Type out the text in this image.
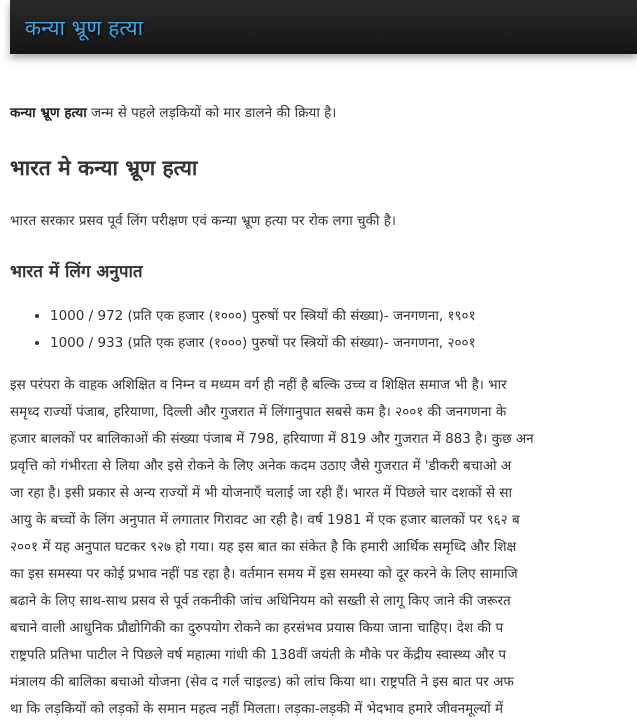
कन्या भ्रूण हत्या

कन्या भ्रूण हत्या जन्म से पहले लड़कियों को मार डालने की क्रिया है।

भारत मे कन्या भ्रूण हत्या

भारत सरकार प्रसव पूर्व लिंग परीक्षण एवं कन्या भ्रूण हत्या पर रोक लगा चुकी है।

भारत में लिंग अनुपात
• 1000 / 972 (प्रति एक हजार (१०००) पुरुषों पर स्त्रियों की संख्या)- जनगणना, १९०१
• 1000 / 933 (प्रति एक हजार (१०००) पुरुषों पर स्त्रियों की संख्या)- जनगणना, २००१
इस परंपरा के वाहक अशिक्षित व निम्न व मध्यम वर्ग ही नहीं है बल्कि उच्च व शिक्षित समाज भी है। भार
समृध्द राज्यों पंजाब, हरियाणा, दिल्ली और गुजरात में लिंगानुपात सबसे कम है। २००१ की जनगणना के
हजार बालकों पर बालिकाओं की संख्या पंजाब में 798, हरियाणा में 819 और गुजरात में 883 है। कुछ अन
प्रवृत्ति को गंभीरता से लिया और इसे रोकने के लिए अनेक कदम उठाए जैसे गुजरात में 'डीकरी बचाओ अ
जा रहा है। इसी प्रकार से अन्य राज्यों में भी योजनाएँ चलाई जा रही हैं। भारत में पिछले चार दशकों से सा
आयु के बच्चों के लिंग अनुपात में लगातार गिरावट आ रही है। वर्ष 1981 में एक हजार बालकों पर ९६२ ब
२००१ में यह अनुपात घटकर ९२७ हो गया। यह इस बात का संकेत है कि हमारी आर्थिक समृध्दि और शिक्ष
का इस समस्या पर कोई प्रभाव नहीं पड रहा है। वर्तमान समय में इस समस्या को दूर करने के लिए सामाजि
बढाने के लिए साथ-साथ प्रसव से पूर्व तकनीकी जांच अधिनियम को सख्ती से लागू किए जाने की जरूरत
बचाने वाली आधुनिक प्रौद्योगिकी का दुरुपयोग रोकने का हरसंभव प्रयास किया जाना चाहिए। देश की प
राष्ट्रपति प्रतिभा पाटील ने पिछले वर्ष महात्मा गांधी की 138वीं जयंती के मौके पर केंद्रीय स्वास्थ्य और प
मंत्रालय की बालिका बचाओ योजना (सेव द गर्ल चाइल्ड) को लांच किया था। राष्ट्रपति ने इस बात पर अफ
था कि लड़कियों को लड़कों के समान महत्व नहीं मिलता। लड़का-लड़की में भेदभाव हमारे जीवनमूल्यों में
